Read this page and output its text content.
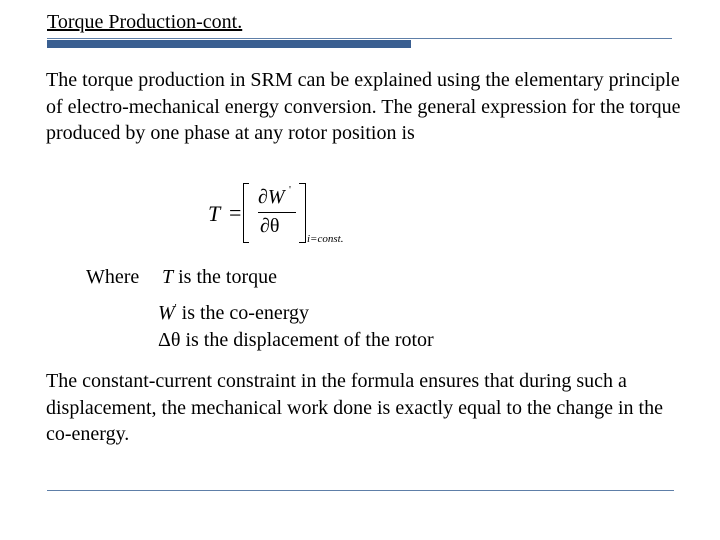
Torque Production-cont.
The torque production in SRM can be explained using the elementary principle of electro-mechanical energy conversion. The general expression for the torque produced by one phase at any rotor position is
T =
∂W '
∂θ
i=const.
Where T is the torque
W' is the co-energy
Δθ is the displacement of the rotor
The constant-current constraint in the formula ensures that during such a displacement, the mechanical work done is exactly equal to the change in the co-energy.
